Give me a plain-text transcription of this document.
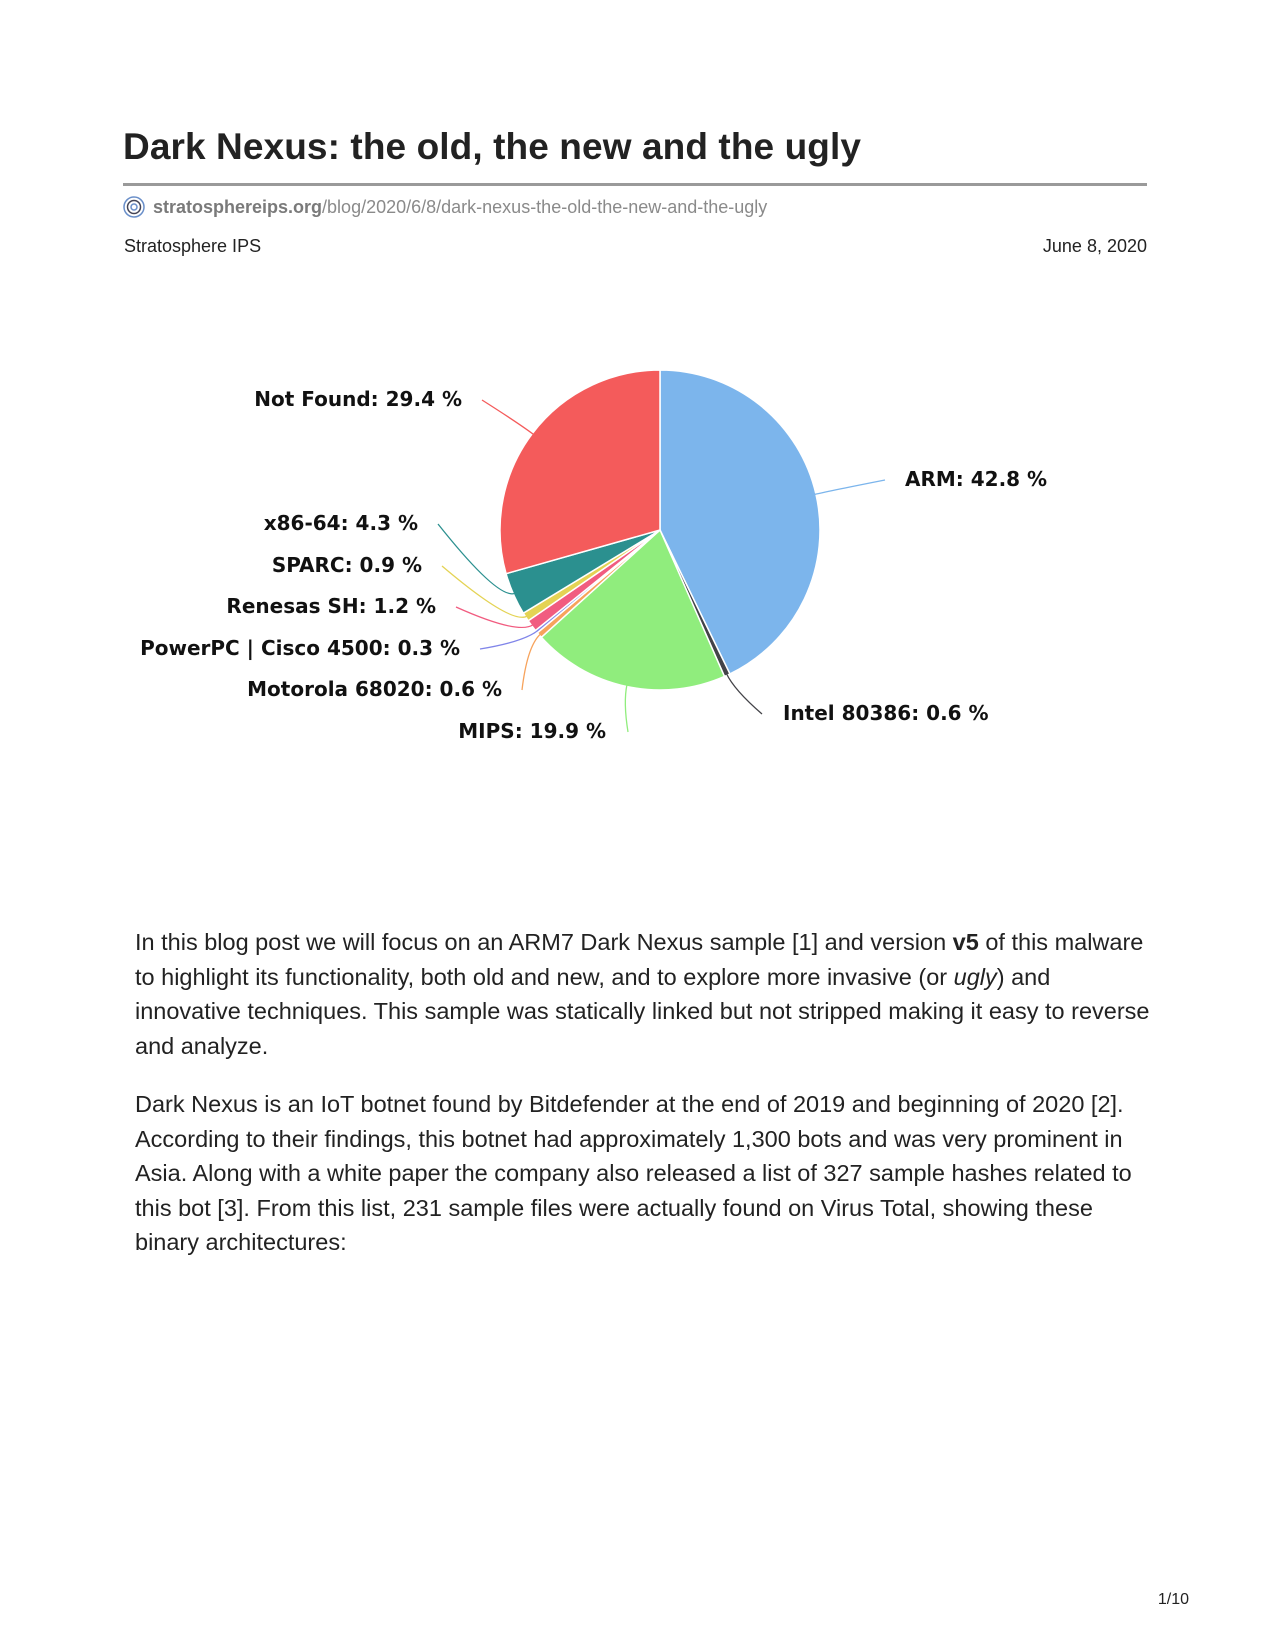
Dark Nexus: the old, the new and the ugly
stratosphereips.org /blog/2020/6/8/dark-nexus-the-old-the-new-and-the-ugly
Stratosphere IPS	June 8, 2020
ARM: 42.8 %
Intel 80386: 0.6 %
MIPS: 19.9 %
Motorola 68020: 0.6 %
PowerPC | Cisco 4500: 0.3 %
Renesas SH: 1.2 %
SPARC: 0.9 %
x86-64: 4.3 %
Not Found: 29.4 %

In this blog post we will focus on an ARM7 Dark Nexus sample [1] and version v5 of this malware to highlight its functionality, both old and new, and to explore more invasive (or ugly) and innovative techniques. This sample was statically linked but not stripped making it easy to reverse and analyze.

Dark Nexus is an IoT botnet found by Bitdefender at the end of 2019 and beginning of 2020 [2]. According to their findings, this botnet had approximately 1,300 bots and was very prominent in Asia. Along with a white paper the company also released a list of 327 sample hashes related to this bot [3]. From this list, 231 sample files were actually found on Virus Total, showing these binary architectures:

1/10
